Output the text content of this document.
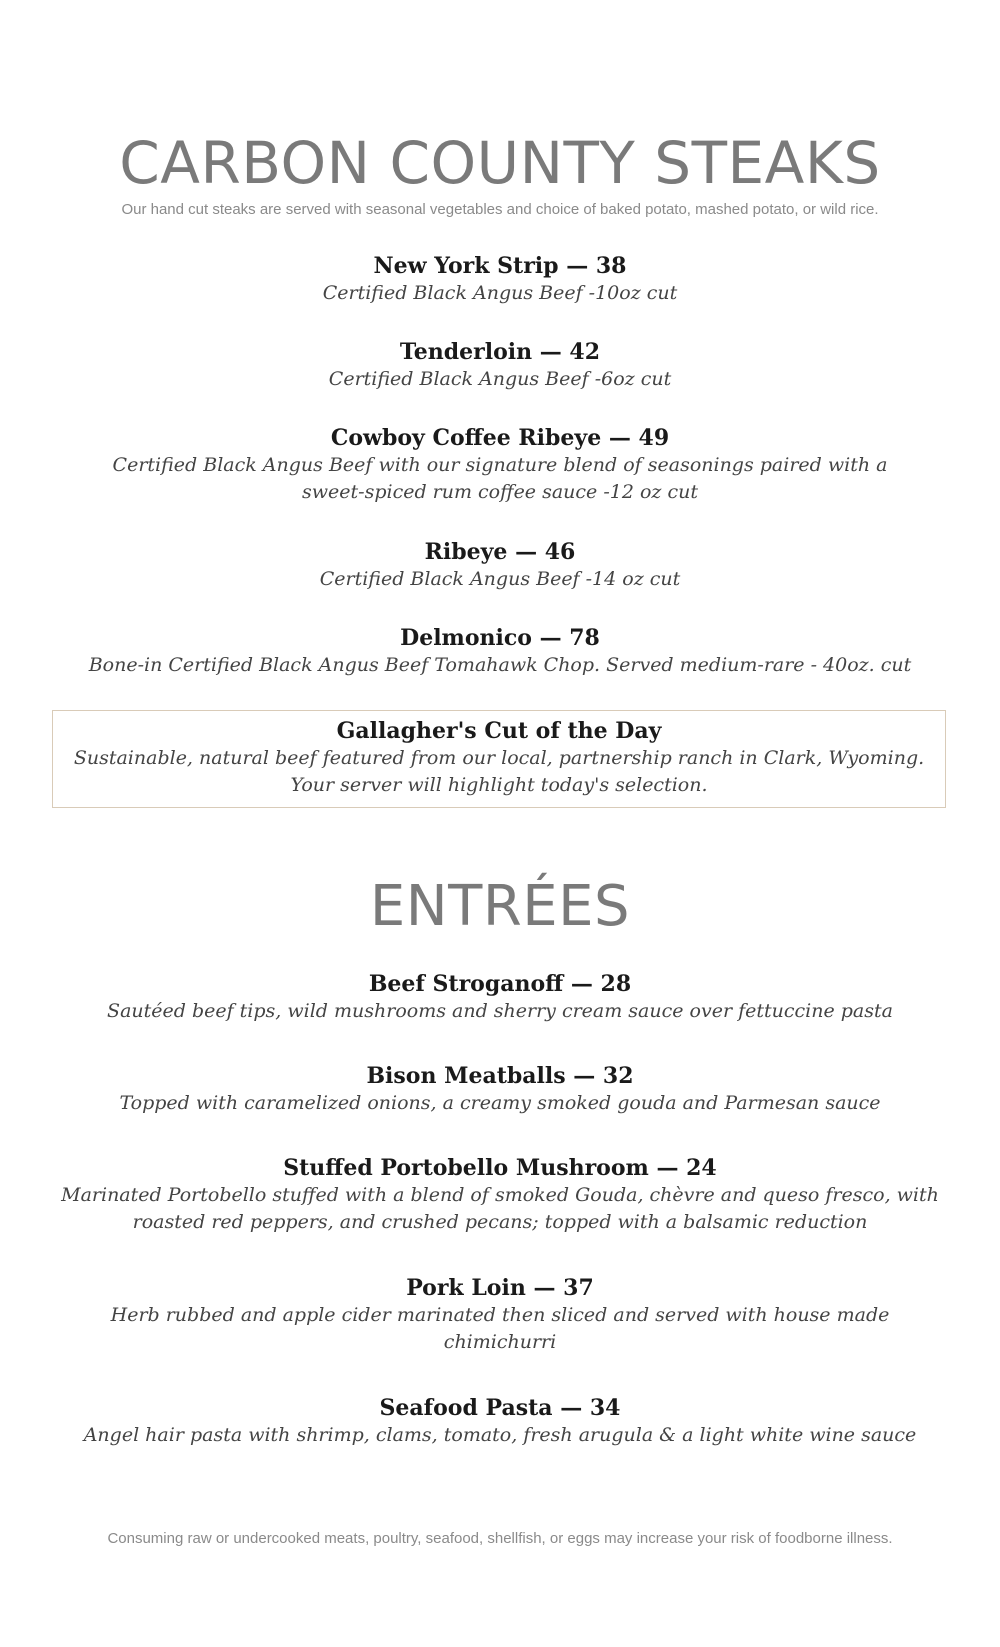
CARBON COUNTY STEAKS

Our hand cut steaks are served with seasonal vegetables and choice of baked potato, mashed potato, or wild rice.

New York Strip — 38

Certified Black Angus Beef -10oz cut

Tenderloin — 42

Certified Black Angus Beef -6oz cut

Cowboy Coffee Ribeye — 49

Certified Black Angus Beef with our signature blend of seasonings paired with a

sweet-spiced rum coffee sauce -12 oz cut

Ribeye — 46

Certified Black Angus Beef -14 oz cut

Delmonico — 78

Bone-in Certified Black Angus Beef Tomahawk Chop. Served medium-rare - 40oz. cut

Gallagher's Cut of the Day

Sustainable, natural beef featured from our local, partnership ranch in Clark, Wyoming.

Your server will highlight today's selection.

ENTRÉES

Beef Stroganoff — 28

Sautéed beef tips, wild mushrooms and sherry cream sauce over fettuccine pasta

Bison Meatballs — 32

Topped with caramelized onions, a creamy smoked gouda and Parmesan sauce

Stuffed Portobello Mushroom — 24

Marinated Portobello stuffed with a blend of smoked Gouda, chèvre and queso fresco, with

roasted red peppers, and crushed pecans; topped with a balsamic reduction

Pork Loin — 37

Herb rubbed and apple cider marinated then sliced and served with house made

chimichurri

Seafood Pasta — 34

Angel hair pasta with shrimp, clams, tomato, fresh arugula & a light white wine sauce

Consuming raw or undercooked meats, poultry, seafood, shellfish, or eggs may increase your risk of foodborne illness.
